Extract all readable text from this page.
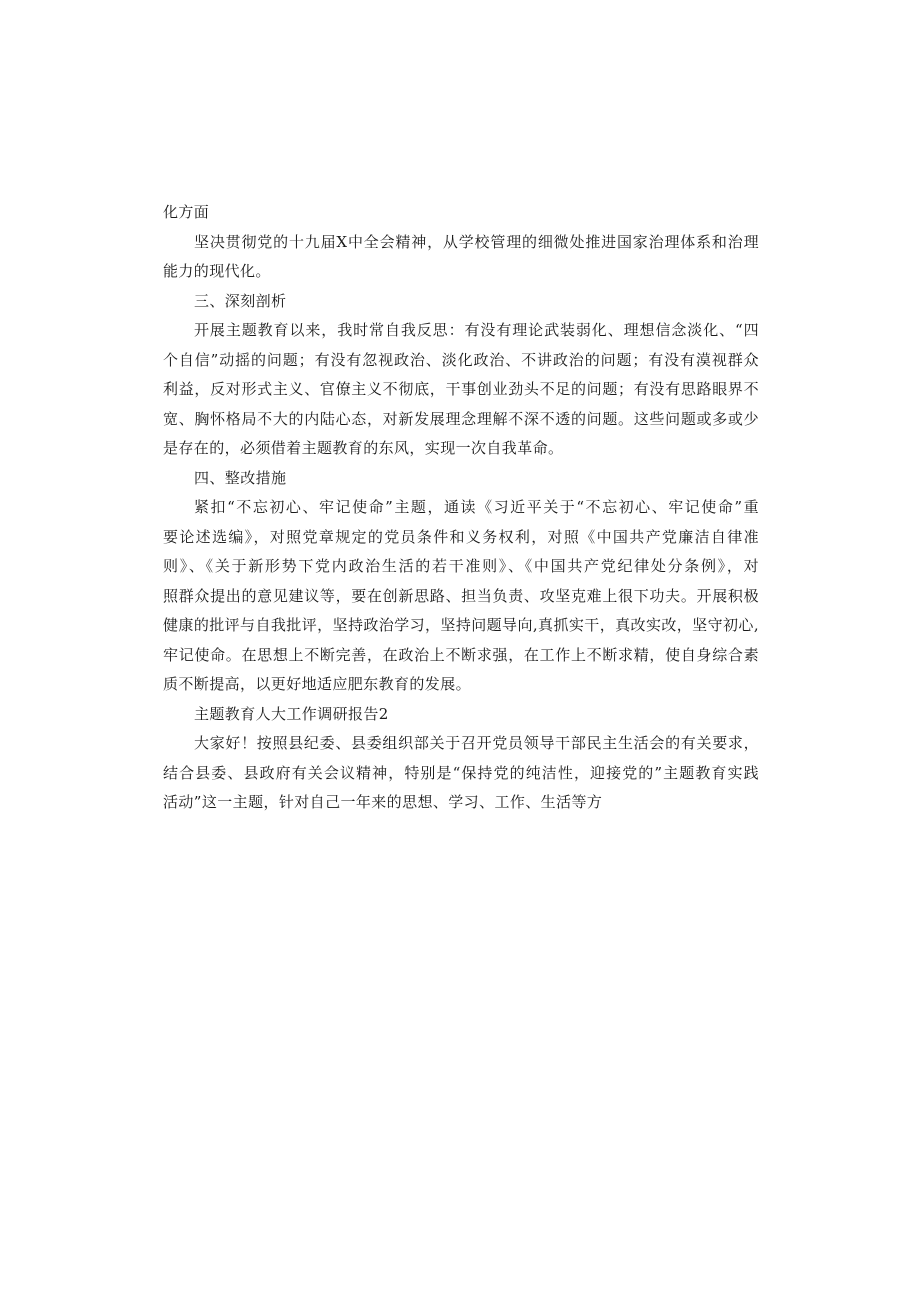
化方面
坚决贯彻党的十九届X中全会精神，从学校管理的细微处推进国家治理体系和治理
能力的现代化。
三、深刻剖析
开展主题教育以来，我时常自我反思：有没有理论武装弱化、理想信念淡化、“四
个自信”动摇的问题；有没有忽视政治、淡化政治、不讲政治的问题；有没有漠视群众
利益，反对形式主义、官僚主义不彻底，干事创业劲头不足的问题；有没有思路眼界不
宽、胸怀格局不大的内陆心态，对新发展理念理解不深不透的问题。这些问题或多或少
是存在的，必须借着主题教育的东风，实现一次自我革命。
四、整改措施
紧扣“不忘初心、牢记使命”主题，通读《习近平关于“不忘初心、牢记使命”重
要论述选编》，对照党章规定的党员条件和义务权利，对照《中国共产党廉洁自律准
则》、《关于新形势下党内政治生活的若干准则》、《中国共产党纪律处分条例》，对
照群众提出的意见建议等，要在创新思路、担当负责、攻坚克难上很下功夫。开展积极
健康的批评与自我批评，坚持政治学习，坚持问题导向,真抓实干，真改实改，坚守初心,
牢记使命。在思想上不断完善，在政治上不断求强，在工作上不断求精，使自身综合素
质不断提高，以更好地适应肥东教育的发展。
主题教育人大工作调研报告2
大家好！按照县纪委、县委组织部关于召开党员领导干部民主生活会的有关要求，
结合县委、县政府有关会议精神，特别是“保持党的纯洁性，迎接党的”主题教育实践
活动”这一主题，针对自己一年来的思想、学习、工作、生活等方
